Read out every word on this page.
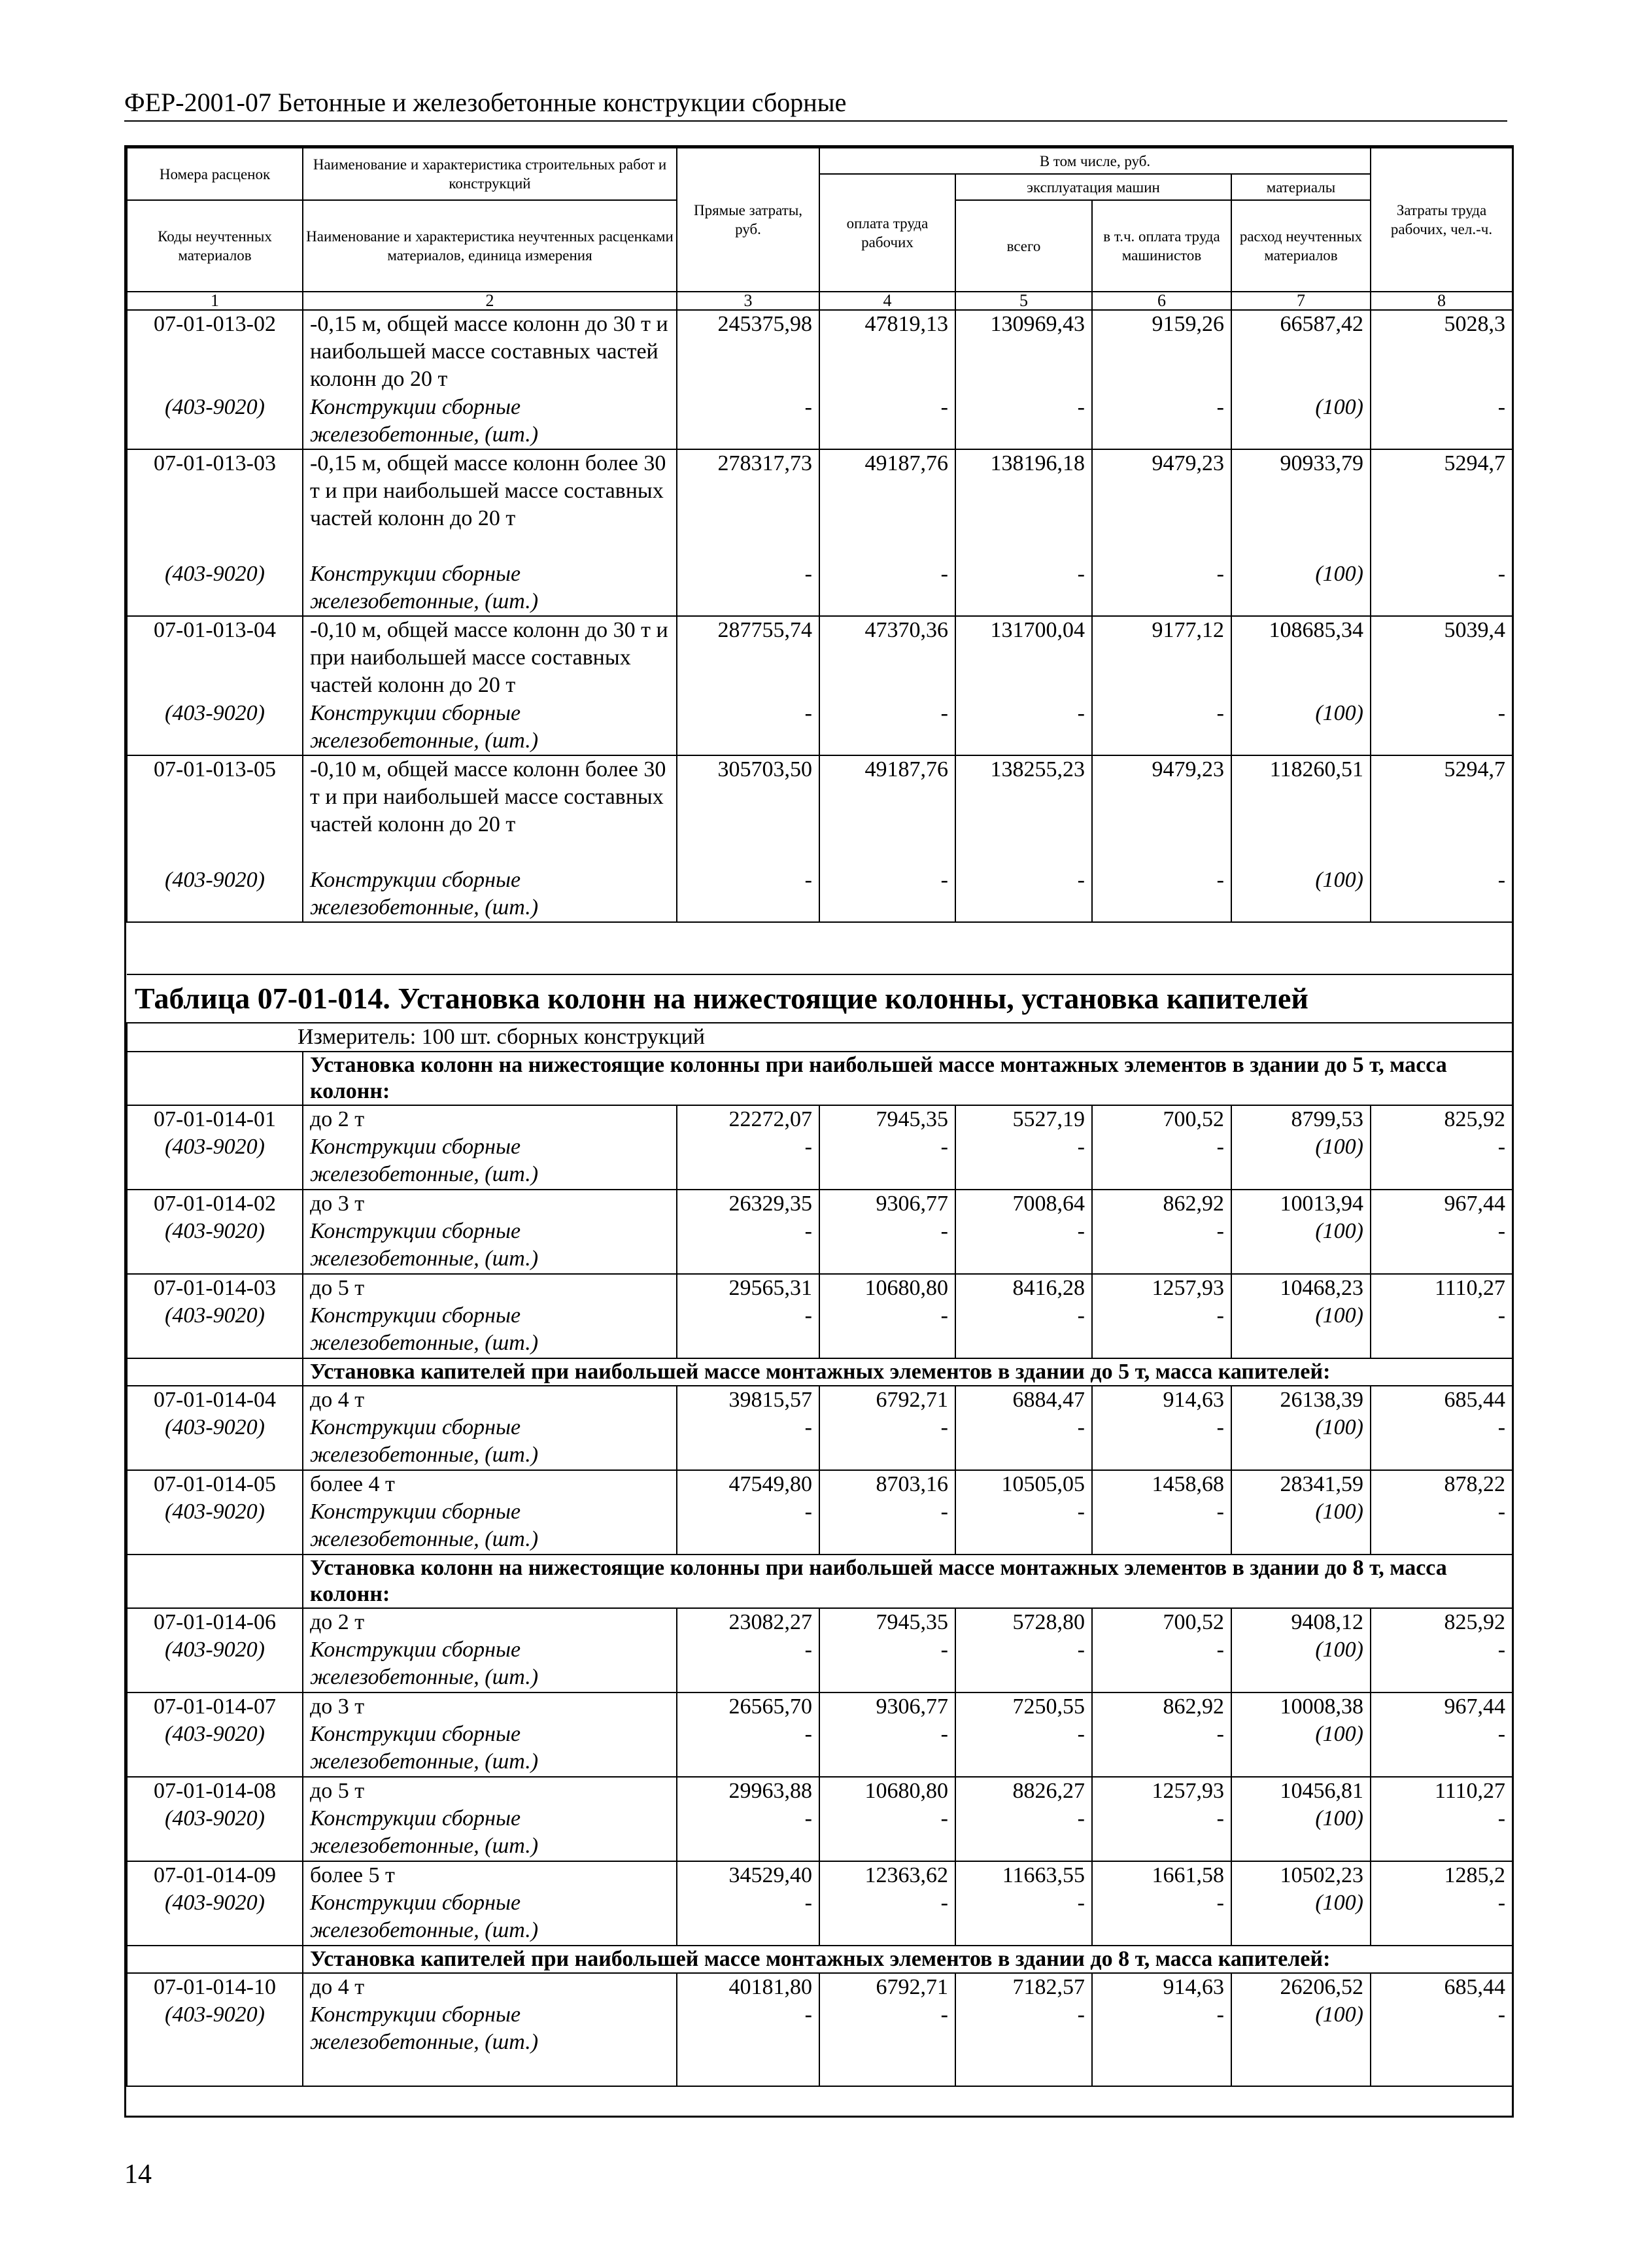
ФЕР-2001-07 Бетонные и железобетонные конструкции сборные
Номера расценок	Наименование и характеристика строительных работ и конструкций	Прямые затраты, руб.	В том числе, руб.				Затраты труда рабочих, чел.-ч.
			оплата труда рабочих	эксплуатация машин		материалы	
Коды неучтенных материалов	Наименование и характеристика неучтенных расценками материалов, единица измерения			всего	в т.ч. оплата труда машинистов	расход неучтенных материалов	

1	2	3	4	5	6	7	8
07-01-013-02	-0,15 м, общей массе колонн до 30 т и наибольшей массе составных частей колонн до 20 т	245375,98	47819,13	130969,43	9159,26	66587,42	5028,3
(403-9020)	Конструкции сборные железобетонные, (шт.)	-	-	-	-	(100)	-
07-01-013-03	-0,15 м, общей массе колонн более 30 т и при наибольшей массе составных частей колонн до 20 т	278317,73	49187,76	138196,18	9479,23	90933,79	5294,7
(403-9020)	Конструкции сборные железобетонные, (шт.)	-	-	-	-	(100)	-
07-01-013-04	-0,10 м, общей массе колонн до 30 т и при наибольшей массе составных частей колонн до 20 т	287755,74	47370,36	131700,04	9177,12	108685,34	5039,4
(403-9020)	Конструкции сборные железобетонные, (шт.)	-	-	-	-	(100)	-
07-01-013-05	-0,10 м, общей массе колонн более 30 т и при наибольшей массе составных частей колонн до 20 т	305703,50	49187,76	138255,23	9479,23	118260,51	5294,7
(403-9020)	Конструкции сборные железобетонные, (шт.)	-	-	-	-	(100)	-

Таблица 07-01-014. Установка колонн на нижестоящие колонны, установка капителей							
Измеритель: 100 шт. сборных конструкций							
	Установка колонн на нижестоящие колонны при наибольшей массе монтажных элементов в здании до 5 т, масса колонн:						
07-01-014-01	до 2 т	22272,07	7945,35	5527,19	700,52	8799,53	825,92
(403-9020)	Конструкции сборные железобетонные, (шт.)	-	-	-	-	(100)	-
07-01-014-02	до 3 т	26329,35	9306,77	7008,64	862,92	10013,94	967,44
(403-9020)	Конструкции сборные железобетонные, (шт.)	-	-	-	-	(100)	-
07-01-014-03	до 5 т	29565,31	10680,80	8416,28	1257,93	10468,23	1110,27
(403-9020)	Конструкции сборные железобетонные, (шт.)	-	-	-	-	(100)	-
	Установка капителей при наибольшей массе монтажных элементов в здании до 5 т, масса капителей:						
07-01-014-04	до 4 т	39815,57	6792,71	6884,47	914,63	26138,39	685,44
(403-9020)	Конструкции сборные железобетонные, (шт.)	-	-	-	-	(100)	-
07-01-014-05	более 4 т	47549,80	8703,16	10505,05	1458,68	28341,59	878,22
(403-9020)	Конструкции сборные железобетонные, (шт.)	-	-	-	-	(100)	-
	Установка колонн на нижестоящие колонны при наибольшей массе монтажных элементов в здании до 8 т, масса колонн:						
07-01-014-06	до 2 т	23082,27	7945,35	5728,80	700,52	9408,12	825,92
(403-9020)	Конструкции сборные железобетонные, (шт.)	-	-	-	-	(100)	-
07-01-014-07	до 3 т	26565,70	9306,77	7250,55	862,92	10008,38	967,44
(403-9020)	Конструкции сборные железобетонные, (шт.)	-	-	-	-	(100)	-
07-01-014-08	до 5 т	29963,88	10680,80	8826,27	1257,93	10456,81	1110,27
(403-9020)	Конструкции сборные железобетонные, (шт.)	-	-	-	-	(100)	-
07-01-014-09	более 5 т	34529,40	12363,62	11663,55	1661,58	10502,23	1285,2
(403-9020)	Конструкции сборные железобетонные, (шт.)	-	-	-	-	(100)	-
	Установка капителей при наибольшей массе монтажных элементов в здании до 8 т, масса капителей:						
07-01-014-10	до 4 т	40181,80	6792,71	7182,57	914,63	26206,52	685,44
(403-9020)	Конструкции сборные железобетонные, (шт.)	-	-	-	-	(100)	-
14
